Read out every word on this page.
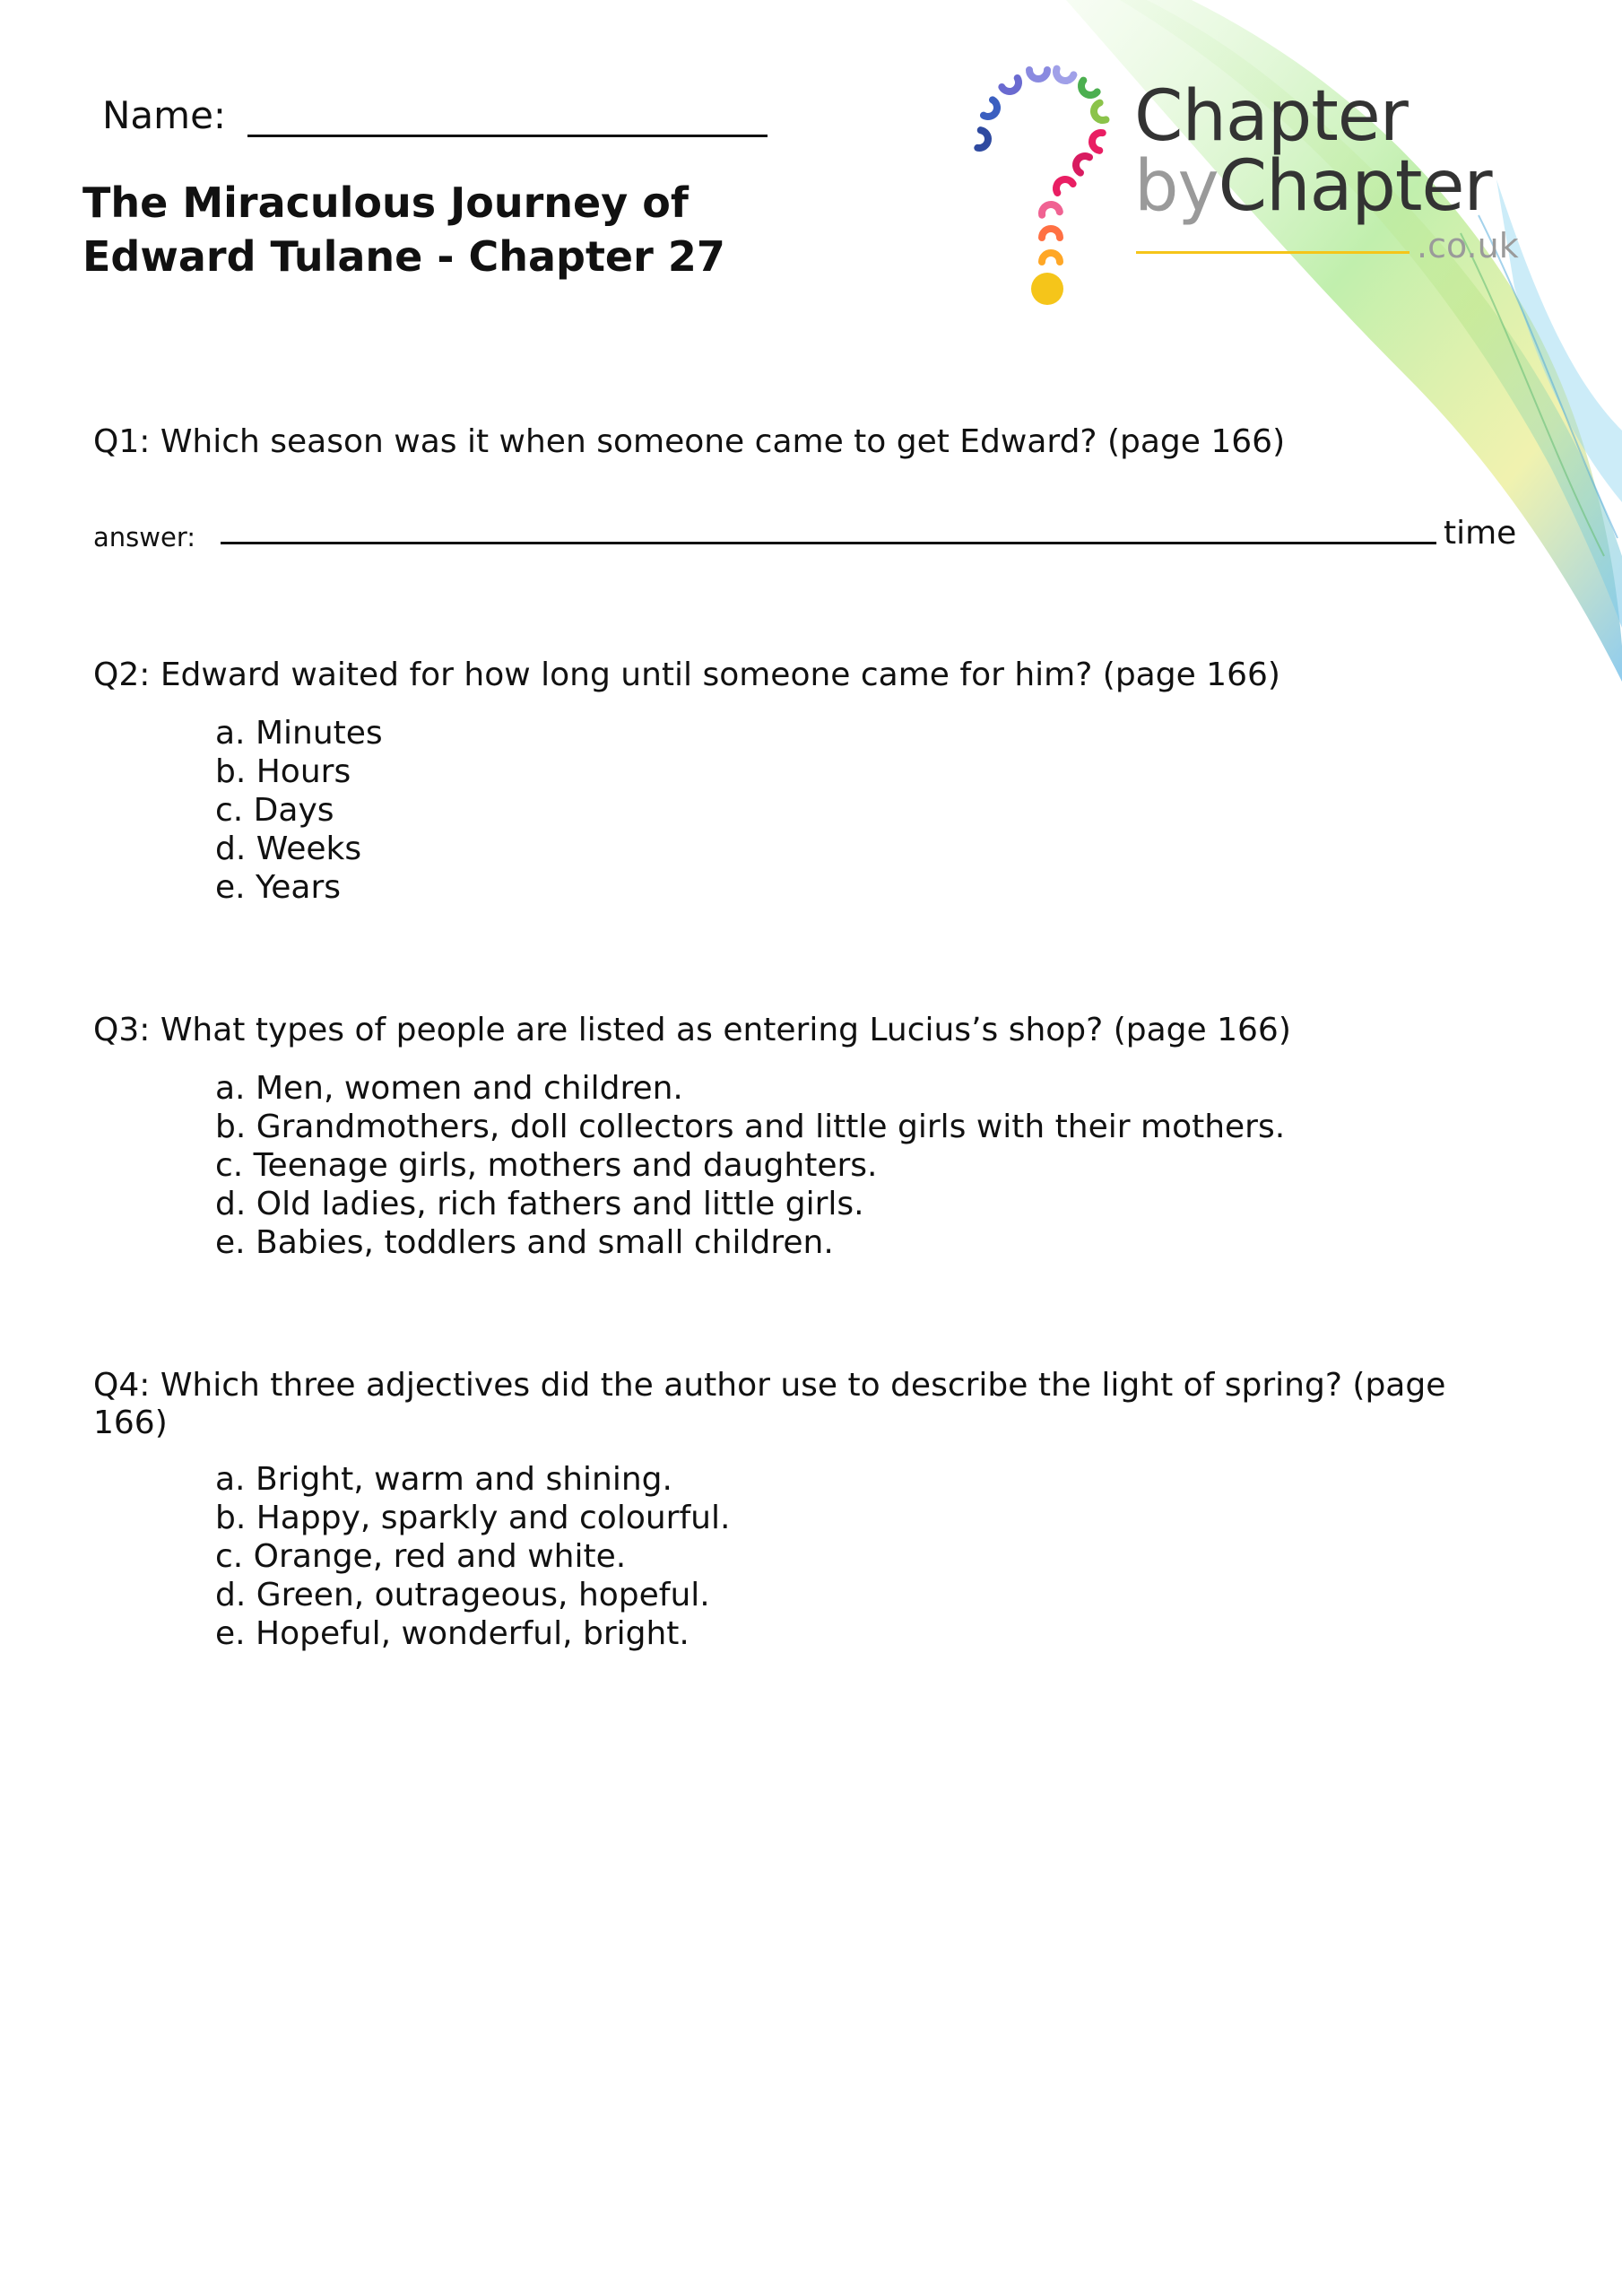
Name:
The Miraculous Journey of
Edward Tulane - Chapter 27
Chapter
byChapter
.co.uk
Q1: Which season was it when someone came to get Edward? (page 166)
answer:	time
Q2: Edward waited for how long until someone came for him? (page 166)
a. Minutes
b. Hours
c. Days
d. Weeks
e. Years
Q3: What types of people are listed as entering Lucius’s shop? (page 166)
a. Men, women and children.
b. Grandmothers, doll collectors and little girls with their mothers.
c. Teenage girls, mothers and daughters.
d. Old ladies, rich fathers and little girls.
e. Babies, toddlers and small children.
Q4: Which three adjectives did the author use to describe the light of spring? (page 166)
a. Bright, warm and shining.
b. Happy, sparkly and colourful.
c. Orange, red and white.
d. Green, outrageous, hopeful.
e. Hopeful, wonderful, bright.
